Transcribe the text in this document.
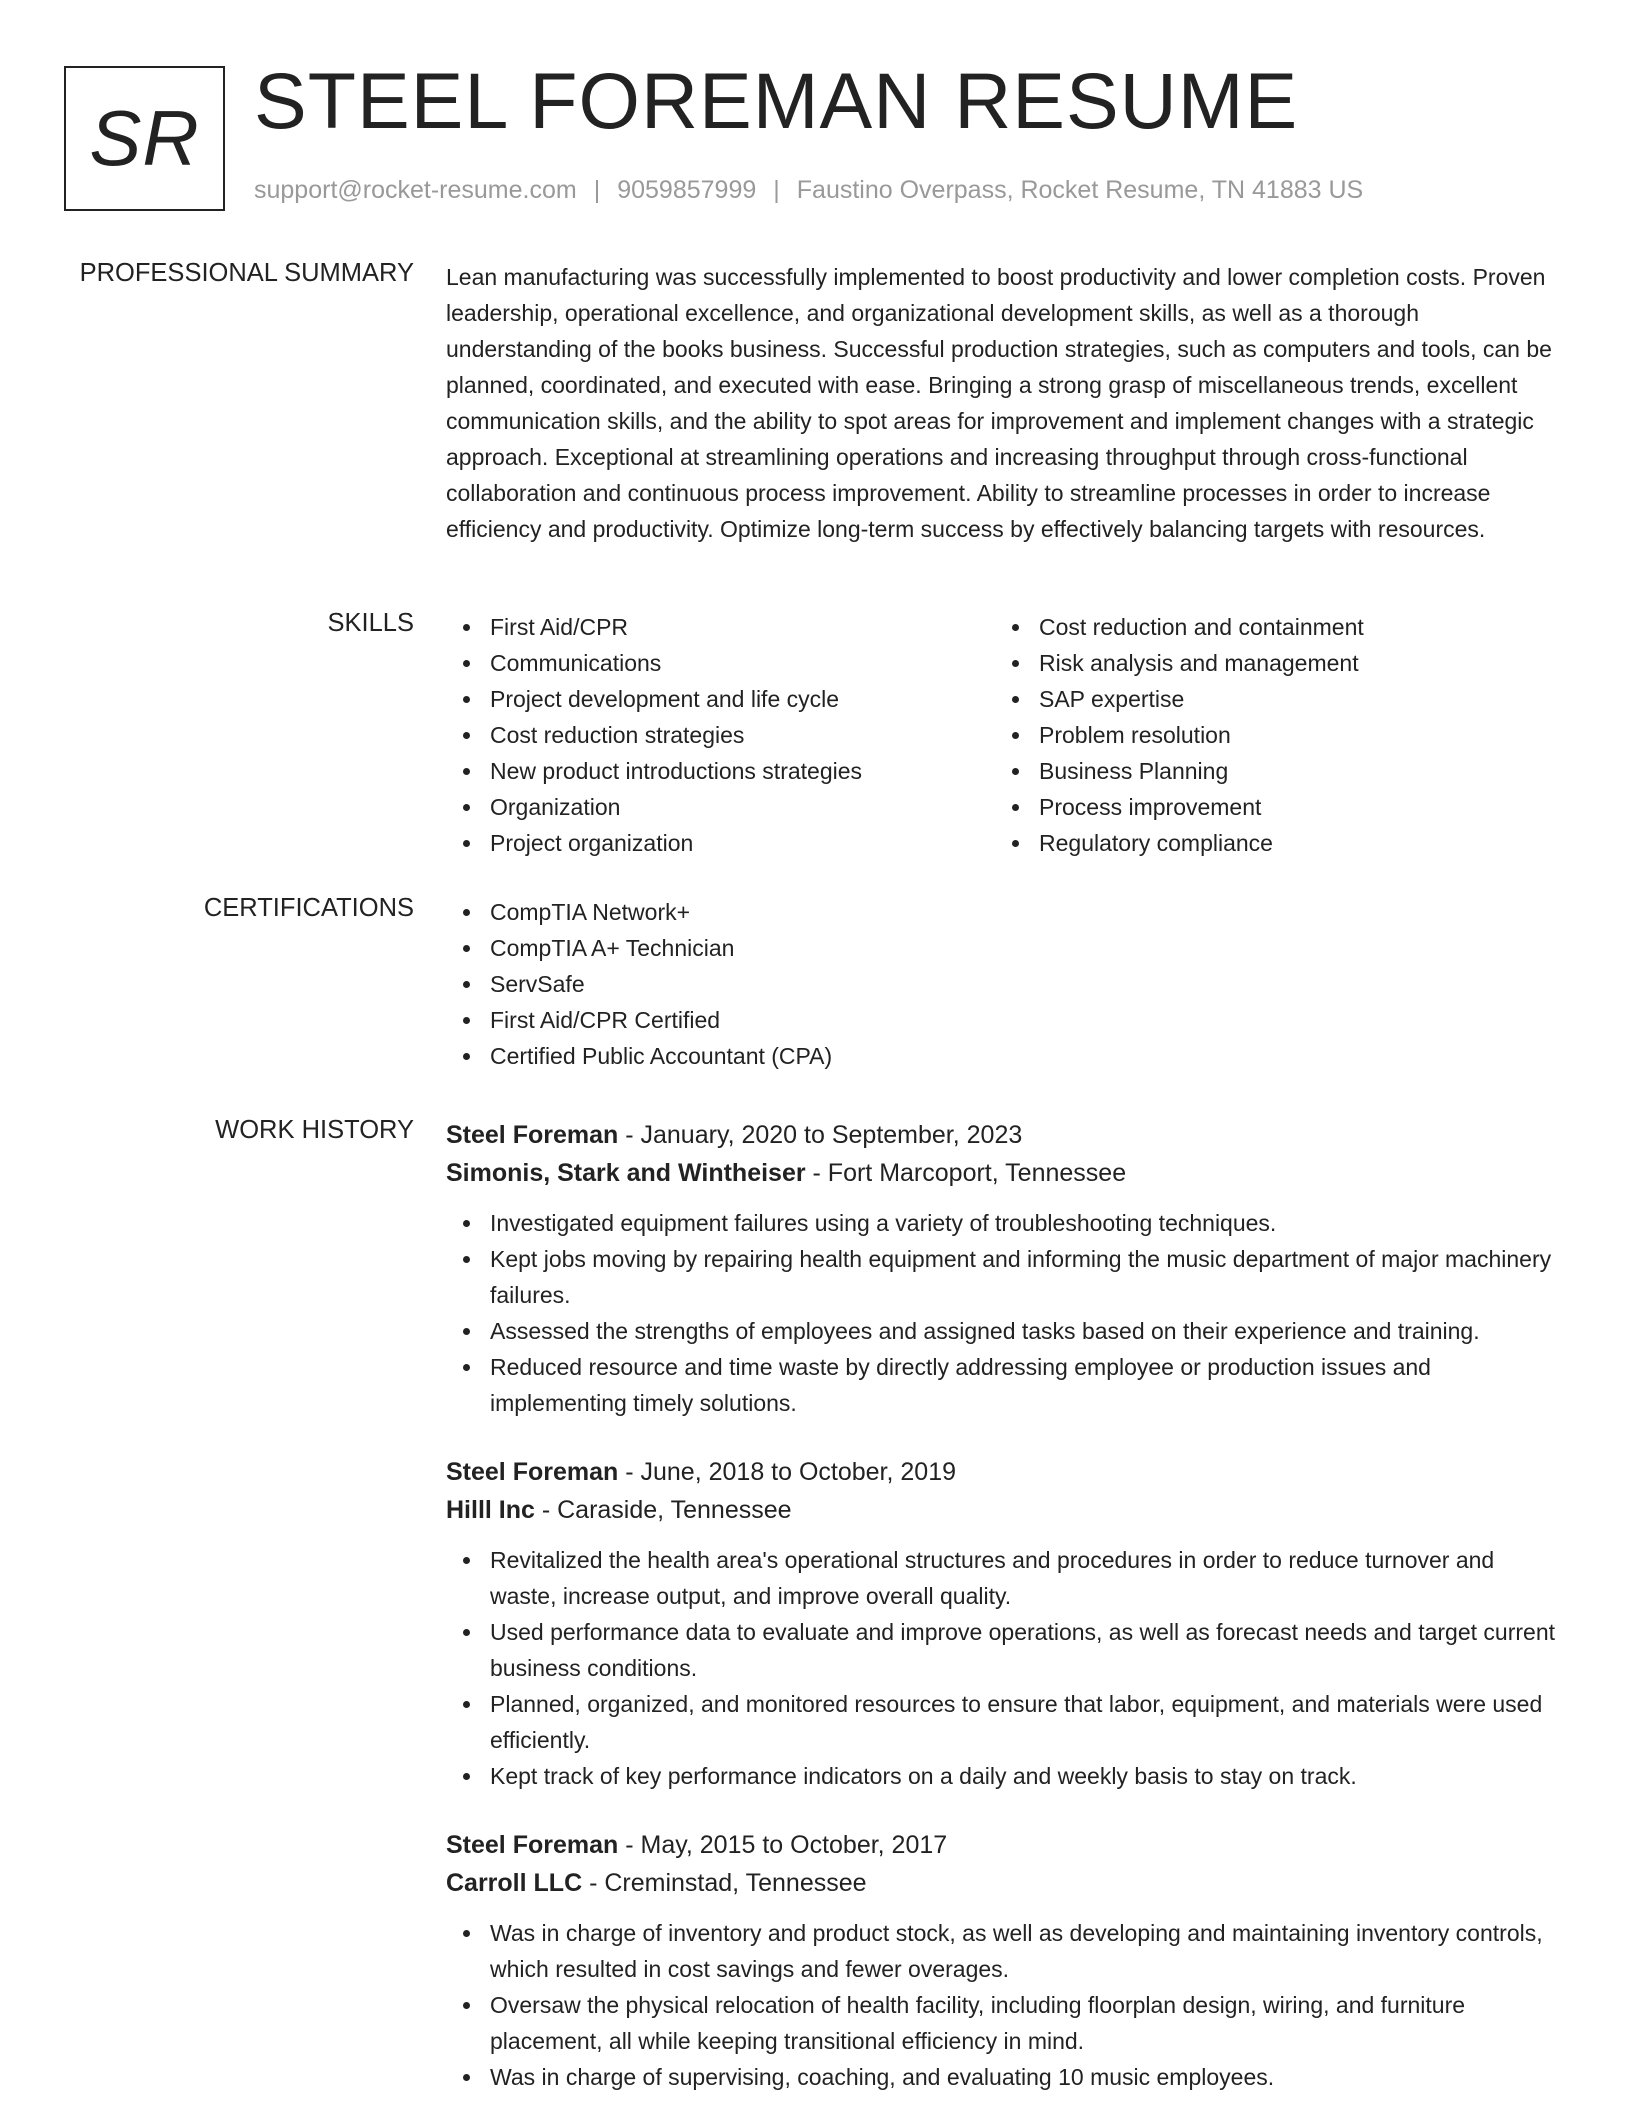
SR STEEL FOREMAN RESUME
support@rocket-resume.com | 9059857999 | Faustino Overpass, Rocket Resume, TN 41883 US
PROFESSIONAL SUMMARY Lean manufacturing was successfully implemented to boost productivity and lower completion costs. Proven leadership, operational excellence, and organizational development skills, as well as a thorough understanding of the books business. Successful production strategies, such as computers and tools, can be planned, coordinated, and executed with ease. Bringing a strong grasp of miscellaneous trends, excellent communication skills, and the ability to spot areas for improvement and implement changes with a strategic approach. Exceptional at streamlining operations and increasing throughput through cross-functional collaboration and continuous process improvement. Ability to streamline processes in order to increase efficiency and productivity. Optimize long-term success by effectively balancing targets with resources.

SKILLS	First Aid/CPR
Communications
Project development and life cycle
Cost reduction strategies
New product introductions strategies
Organization
Project organization
Cost reduction and containment
Risk analysis and management
SAP expertise
Problem resolution
Business Planning
Process improvement
Regulatory compliance
CERTIFICATIONS	CompTIA Network+
CompTIA A+ Technician
ServSafe
First Aid/CPR Certified
Certified Public Accountant (CPA)
WORK HISTORY Steel Foreman - January, 2020 to September, 2023
Simonis, Stark and Wintheiser - Fort Marcoport, Tennessee
Investigated equipment failures using a variety of troubleshooting techniques.
Kept jobs moving by repairing health equipment and informing the music department of major machinery failures.
Assessed the strengths of employees and assigned tasks based on their experience and training.
Reduced resource and time waste by directly addressing employee or production issues and implementing timely solutions.
Steel Foreman - June, 2018 to October, 2019
Hilll Inc - Caraside, Tennessee
Revitalized the health area's operational structures and procedures in order to reduce turnover and waste, increase output, and improve overall quality.
Used performance data to evaluate and improve operations, as well as forecast needs and target current business conditions.
Planned, organized, and monitored resources to ensure that labor, equipment, and materials were used efficiently.
Kept track of key performance indicators on a daily and weekly basis to stay on track.
Steel Foreman - May, 2015 to October, 2017
Carroll LLC - Creminstad, Tennessee
Was in charge of inventory and product stock, as well as developing and maintaining inventory controls, which resulted in cost savings and fewer overages.
Oversaw the physical relocation of health facility, including floorplan design, wiring, and furniture placement, all while keeping transitional efficiency in mind.
Was in charge of supervising, coaching, and evaluating 10 music employees.
